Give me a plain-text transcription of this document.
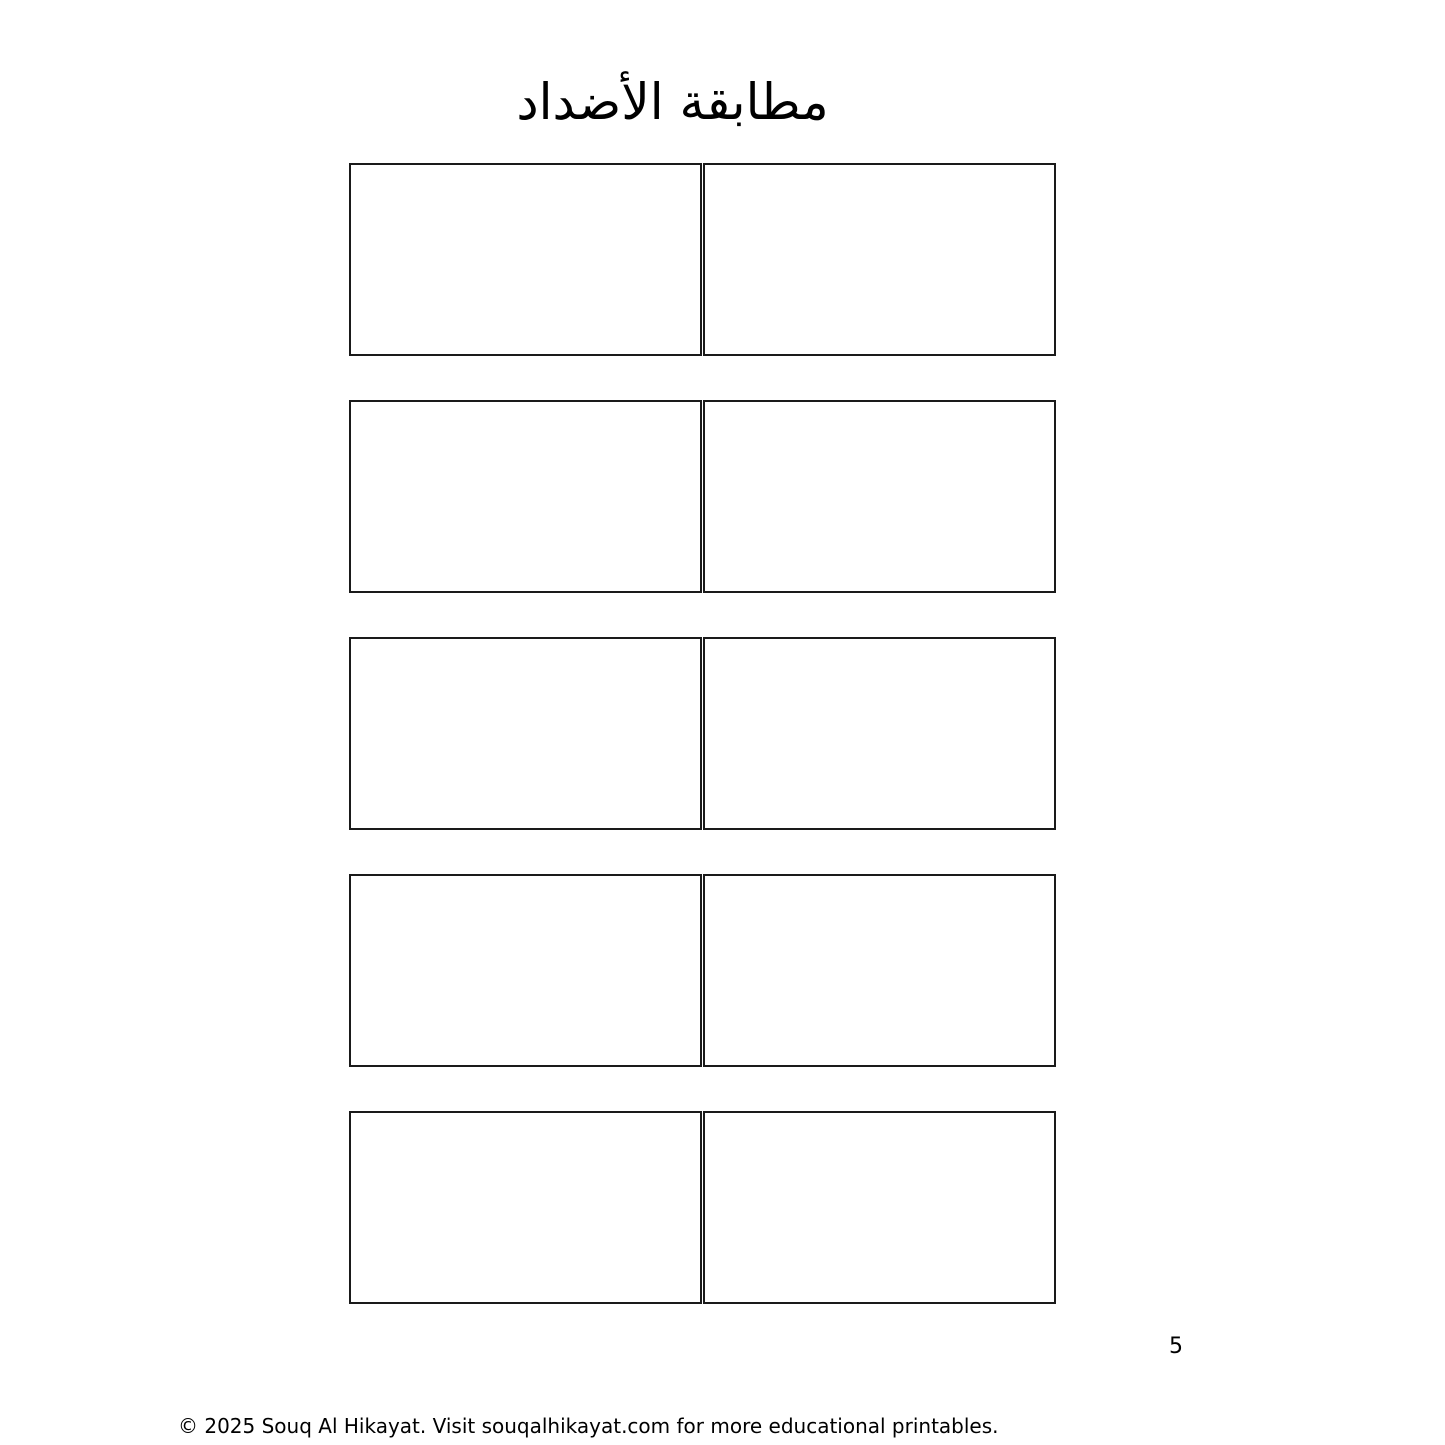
مطابقة الأضداد
5
© 2025 Souq Al Hikayat. Visit souqalhikayat.com for more educational printables.
